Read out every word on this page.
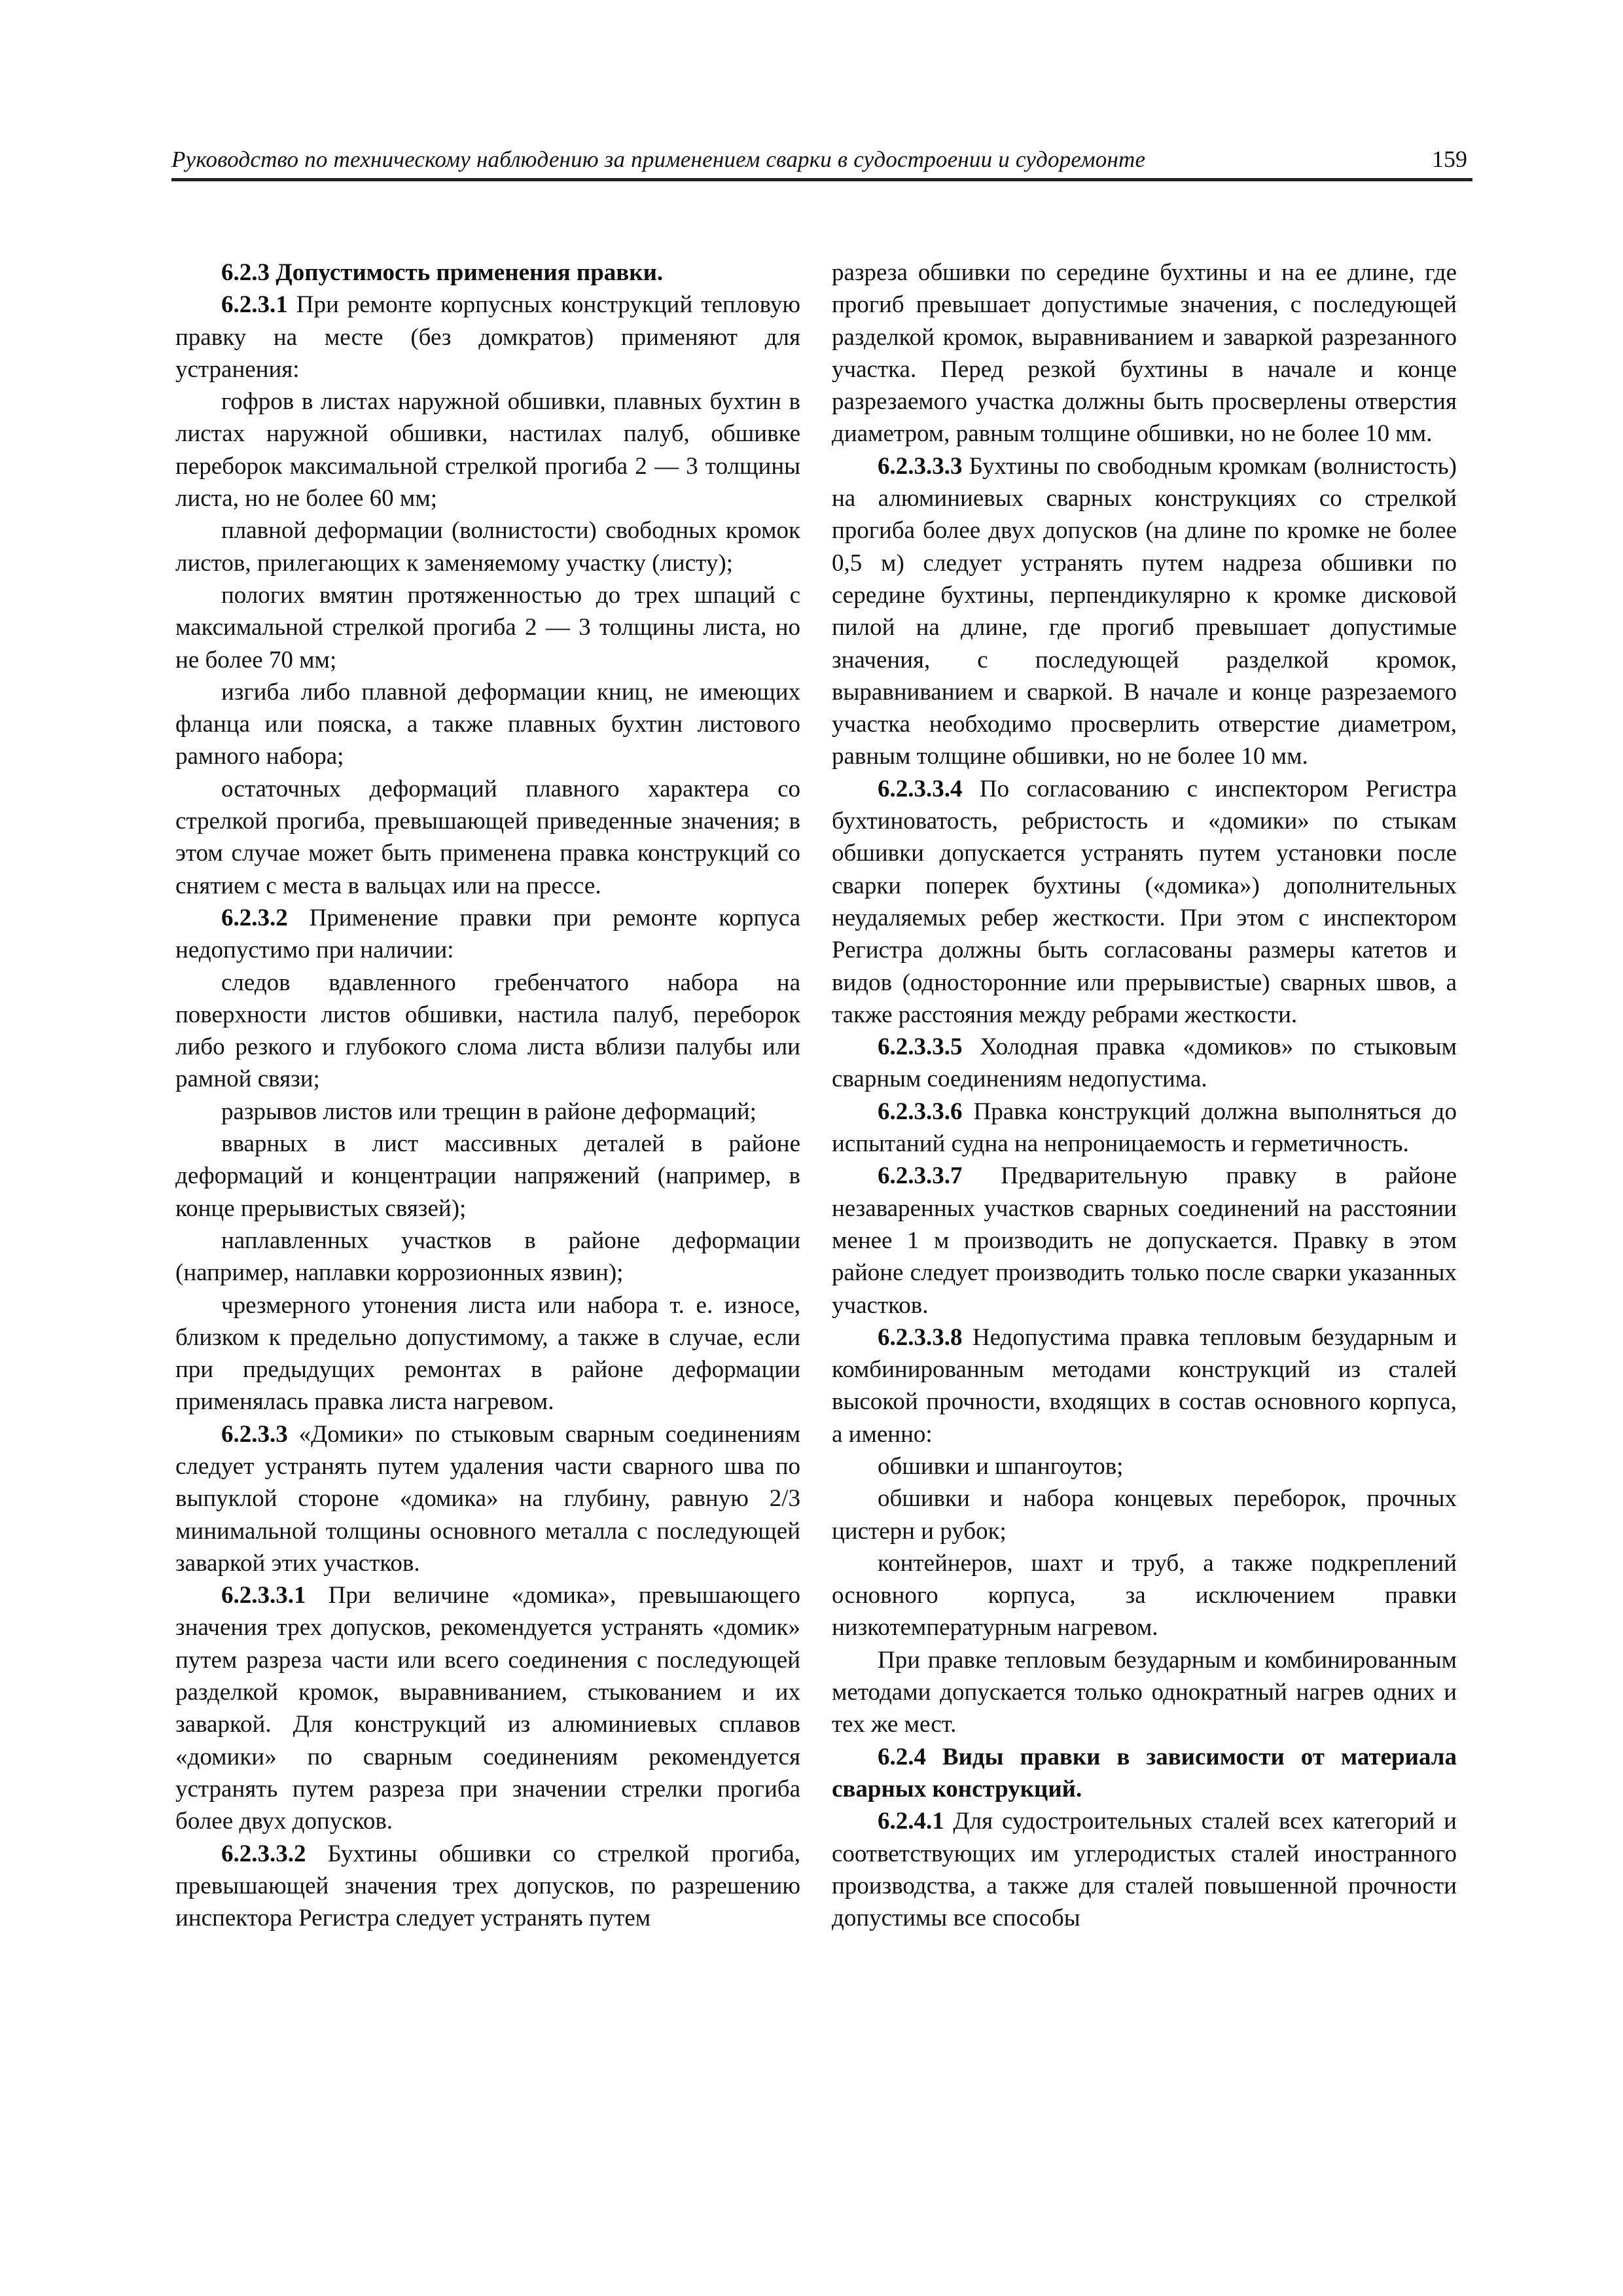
Руководство по техническому наблюдению за применением сварки в судостроении и судоремонте	159

6.2.3 Допустимость применения правки.

6.2.3.1 При ремонте корпусных конструкций тепловую правку на месте (без домкратов) применяют для устранения:

гофров в листах наружной обшивки, плавных бухтин в листах наружной обшивки, настилах палуб, обшивке переборок максимальной стрелкой прогиба 2 — 3 толщины листа, но не более 60 мм;

плавной деформации (волнистости) свободных кромок листов, прилегающих к заменяемому участку (листу);

пологих вмятин протяженностью до трех шпаций с максимальной стрелкой прогиба 2 — 3 толщины листа, но не более 70 мм;

изгиба либо плавной деформации книц, не имеющих фланца или пояска, а также плавных бухтин листового рамного набора;

остаточных деформаций плавного характера со стрелкой прогиба, превышающей приведенные значения; в этом случае может быть применена правка конструкций со снятием с места в вальцах или на прессе.

6.2.3.2 Применение правки при ремонте корпуса недопустимо при наличии:

следов вдавленного гребенчатого набора на поверхности листов обшивки, настила палуб, переборок либо резкого и глубокого слома листа вблизи палубы или рамной связи;

разрывов листов или трещин в районе деформаций;

вварных в лист массивных деталей в районе деформаций и концентрации напряжений (например, в конце прерывистых связей);

наплавленных участков в районе деформации (например, наплавки коррозионных язвин);

чрезмерного утонения листа или набора т. е. износе, близком к предельно допустимому, а также в случае, если при предыдущих ремонтах в районе деформации применялась правка листа нагревом.

6.2.3.3 «Домики» по стыковым сварным соединениям следует устранять путем удаления части сварного шва по выпуклой стороне «домика» на глубину, равную 2/3 минимальной толщины основного металла с последующей заваркой этих участков.

6.2.3.3.1 При величине «домика», превышающего значения трех допусков, рекомендуется устранять «домик» путем разреза части или всего соединения с последующей разделкой кромок, выравниванием, стыкованием и их заваркой. Для конструкций из алюминиевых сплавов «домики» по сварным соединениям рекомендуется устранять путем разреза при значении стрелки прогиба более двух допусков.

6.2.3.3.2 Бухтины обшивки со стрелкой прогиба, превышающей значения трех допусков, по разрешению инспектора Регистра следует устранять путем

разреза обшивки по середине бухтины и на ее длине, где прогиб превышает допустимые значения, с последующей разделкой кромок, выравниванием и заваркой разрезанного участка. Перед резкой бухтины в начале и конце разрезаемого участка должны быть просверлены отверстия диаметром, равным толщине обшивки, но не более 10 мм.

6.2.3.3.3 Бухтины по свободным кромкам (волнистость) на алюминиевых сварных конструкциях со стрелкой прогиба более двух допусков (на длине по кромке не более 0,5 м) следует устранять путем надреза обшивки по середине бухтины, перпендикулярно к кромке дисковой пилой на длине, где прогиб превышает допустимые значения, с последующей разделкой кромок, выравниванием и сваркой. В начале и конце разрезаемого участка необходимо просверлить отверстие диаметром, равным толщине обшивки, но не более 10 мм.

6.2.3.3.4 По согласованию с инспектором Регистра бухтиноватость, ребристость и «домики» по стыкам обшивки допускается устранять путем установки после сварки поперек бухтины («домика») дополнительных неудаляемых ребер жесткости. При этом с инспектором Регистра должны быть согласованы размеры катетов и видов (односторонние или прерывистые) сварных швов, а также расстояния между ребрами жесткости.

6.2.3.3.5 Холодная правка «домиков» по стыковым сварным соединениям недопустима.

6.2.3.3.6 Правка конструкций должна выполняться до испытаний судна на непроницаемость и герметичность.

6.2.3.3.7 Предварительную правку в районе незаваренных участков сварных соединений на расстоянии менее 1 м производить не допускается. Правку в этом районе следует производить только после сварки указанных участков.

6.2.3.3.8 Недопустима правка тепловым безударным и комбинированным методами конструкций из сталей высокой прочности, входящих в состав основного корпуса, а именно:

обшивки и шпангоутов;

обшивки и набора концевых переборок, прочных цистерн и рубок;

контейнеров, шахт и труб, а также подкреплений основного корпуса, за исключением правки низкотемпературным нагревом.

При правке тепловым безударным и комбинированным методами допускается только однократный нагрев одних и тех же мест.

6.2.4 Виды правки в зависимости от материала сварных конструкций.

6.2.4.1 Для судостроительных сталей всех категорий и соответствующих им углеродистых сталей иностранного производства, а также для сталей повышенной прочности допустимы все способы
